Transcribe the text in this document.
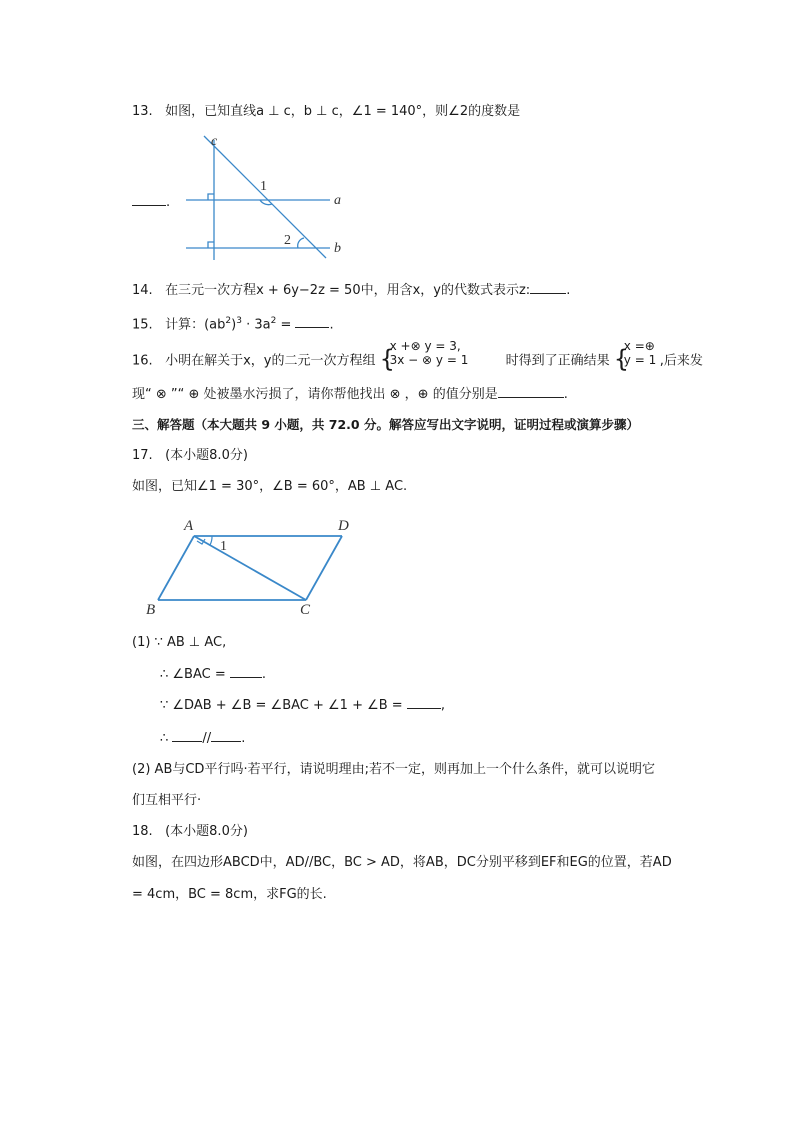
13. 如图，已知直线a ⊥ c，b ⊥ c，∠1 = 140°，则∠2的度数是
c
a
b
1
2
.
14. 在三元一次方程x + 6y−2z = 50中，用含x，y的代数式表示z:	.
15. 计算：$(ab^2)^3 \cdot 3a^2$ =	.
16. 小明在解关于x，y的二元一次方程组 {
x +⊗ y = 3,
3x − ⊗ y = 1	时得到了正确结果 {
x =⊕
y = 1 ,后来发
现“ ⊗ ”“ ⊕ 处被墨水污损了，请你帮他找出 ⊗ ，⊕ 的值分别是	.
三、解答题（本大题共 9 小题，共 72.0 分。解答应写出文字说明，证明过程或演算步骤）
17. (本小题8.0分)
如图，已知∠1 = 30°，∠B = 60°，AB ⊥ AC.
A	D
B	C
1
(1) ∵ AB ⊥ AC,
∴ ∠BAC =	.
∵ ∠DAB + ∠B = ∠BAC + ∠1 + ∠B =	,
∴	// .
(2) AB与CD平行吗·若平行，请说明理由;若不一定，则再加上一个什么条件，就可以说明它
们互相平行·
18. (本小题8.0分)
如图，在四边形ABCD中，AD//BC，BC > AD，将AB，DC分别平移到EF和EG的位置，若AD
= 4cm，BC = 8cm，求FG的长.
